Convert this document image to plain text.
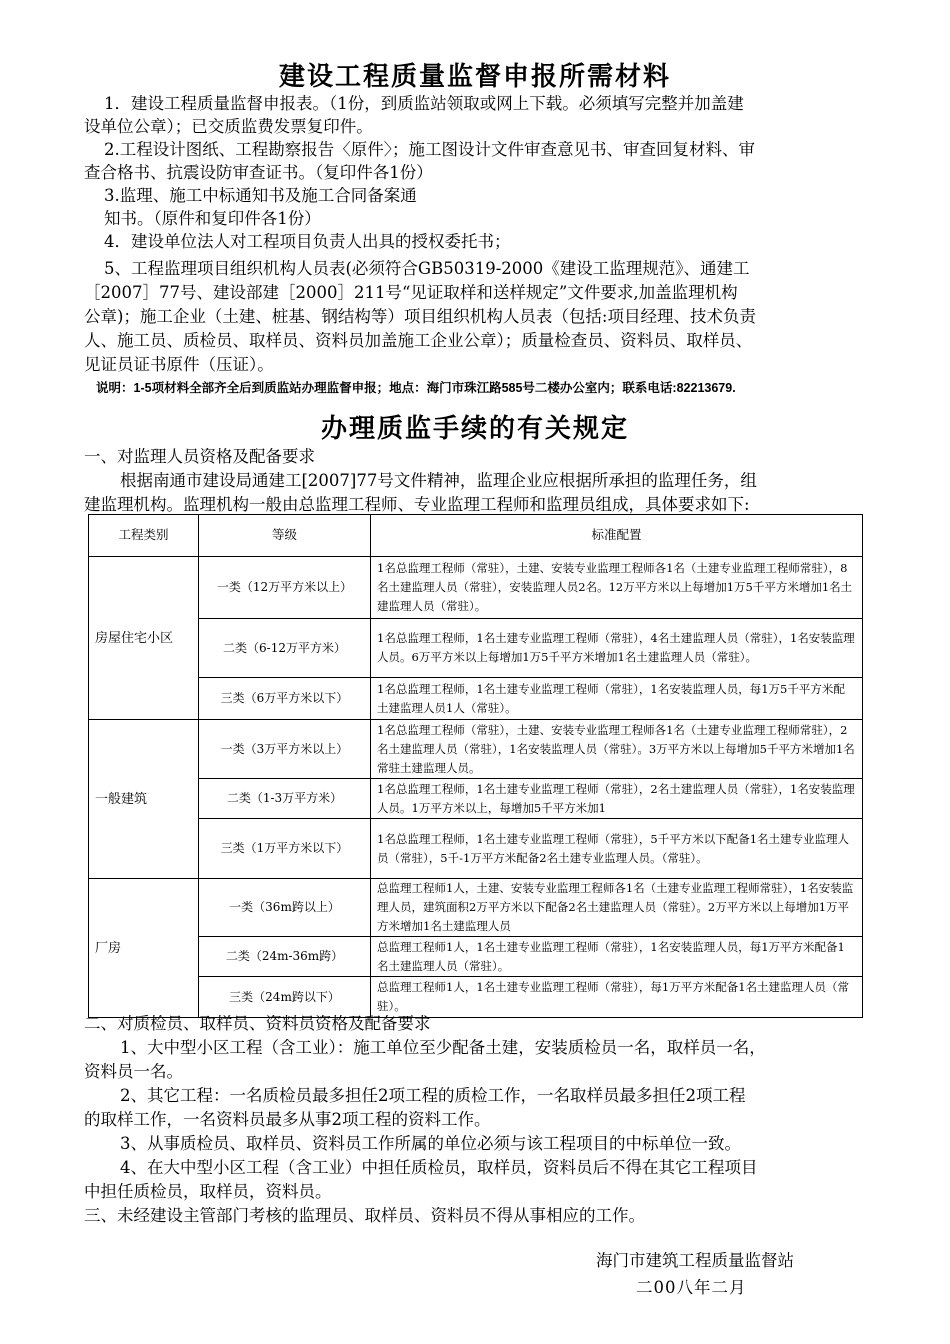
建设工程质量监督申报所需材料
1．建设工程质量监督申报表。（1份，到质监站领取或网上下载。必须填写完整并加盖建
设单位公章）；已交质监费发票复印件。
2.工程设计图纸、工程勘察报告〈原件〉；施工图设计文件审查意见书、审查回复材料、审
查合格书、抗震设防审查证书。（复印件各1份）
3.监理、施工中标通知书及施工合同备案通
知书。（原件和复印件各1份）
4．建设单位法人对工程项目负责人出具的授权委托书；
5、工程监理项目组织机构人员表(必须符合GB50319-2000《建设工监理规范》、通建工
［2007］77号、建设部建［2000］211号“见证取样和送样规定”文件要求,加盖监理机构
公章)；施工企业（土建、桩基、钢结构等）项目组织机构人员表（包括:项目经理、技术负责
人、施工员、质检员、取样员、资料员加盖施工企业公章）；质量检查员、资料员、取样员、
见证员证书原件（压证）。
说明：1-5项材料全部齐全后到质监站办理监督申报；地点：海门市珠江路585号二楼办公室内；联系电话:82213679.
办理质监手续的有关规定
一、对监理人员资格及配备要求
根据南通市建设局通建工[2007]77号文件精神，监理企业应根据所承担的监理任务，组
建监理机构。监理机构一般由总监理工程师、专业监理工程师和监理员组成，具体要求如下:
工程类别	等级	标准配置
房屋住宅小区	一类（12万平方米以上）	1名总监理工程师（常驻），土建、安装专业监理工程师各1名（土建专业监理工程师常驻），8名土建监理人员（常驻），安装监理人员2名。12万平方米以上每增加1万5千平方米增加1名土建监理人员（常驻）。
	二类（6-12万平方米）	1名总监理工程师，1名土建专业监理工程师（常驻），4名土建监理人员（常驻），1名安装监理人员。6万平方米以上每增加1万5千平方米增加1名土建监理人员（常驻）。
	三类（6万平方米以下）	1名总监理工程师，1名土建专业监理工程师（常驻），1名安装监理人员，每1万5千平方米配土建监理人员1人（常驻）。
一般建筑	一类（3万平方米以上）	1名总监理工程师（常驻），土建、安装专业监理工程师各1名（土建专业监理工程师常驻），2名土建监理人员（常驻），1名安装监理人员（常驻）。3万平方米以上每增加5千平方米增加1名常驻土建监理人员。
	二类（1-3万平方米）	1名总监理工程师，1名土建专业监理工程师（常驻），2名土建监理人员（常驻），1名安装监理人员。1万平方米以上，每增加5千平方米加1
	三类（1万平方米以下）	1名总监理工程师，1名土建专业监理工程师（常驻），5千平方米以下配备1名土建专业监理人员（常驻），5千-1万平方米配备2名土建专业监理人员。（常驻）。
厂房	一类（36m跨以上）	总监理工程师1人，土建、安装专业监理工程师各1名（土建专业监理工程师常驻），1名安装监理人员，建筑面积2万平方米以下配备2名土建监理人员（常驻）。2万平方米以上每增加1万平方米增加1名土建监理人员
	二类（24m-36m跨）	总监理工程师1人，1名土建专业监理工程师（常驻），1名安装监理人员，每1万平方米配备1名土建监理人员（常驻）。
	三类（24m跨以下）	总监理工程师1人，1名土建专业监理工程师（常驻），每1万平方米配备1名土建监理人员（常驻）。
二、对质检员、取样员、资料员资格及配备要求
1、大中型小区工程（含工业）：施工单位至少配备土建，安装质检员一名，取样员一名，
资料员一名。
2、其它工程：一名质检员最多担任2项工程的质检工作，一名取样员最多担任2项工程
的取样工作，一名资料员最多从事2项工程的资料工作。
3、从事质检员、取样员、资料员工作所属的单位必须与该工程项目的中标单位一致。
4、在大中型小区工程（含工业）中担任质检员，取样员，资料员后不得在其它工程项目
中担任质检员，取样员，资料员。
三、未经建设主管部门考核的监理员、取样员、资料员不得从事相应的工作。
海门市建筑工程质量监督站
二00八年二月
